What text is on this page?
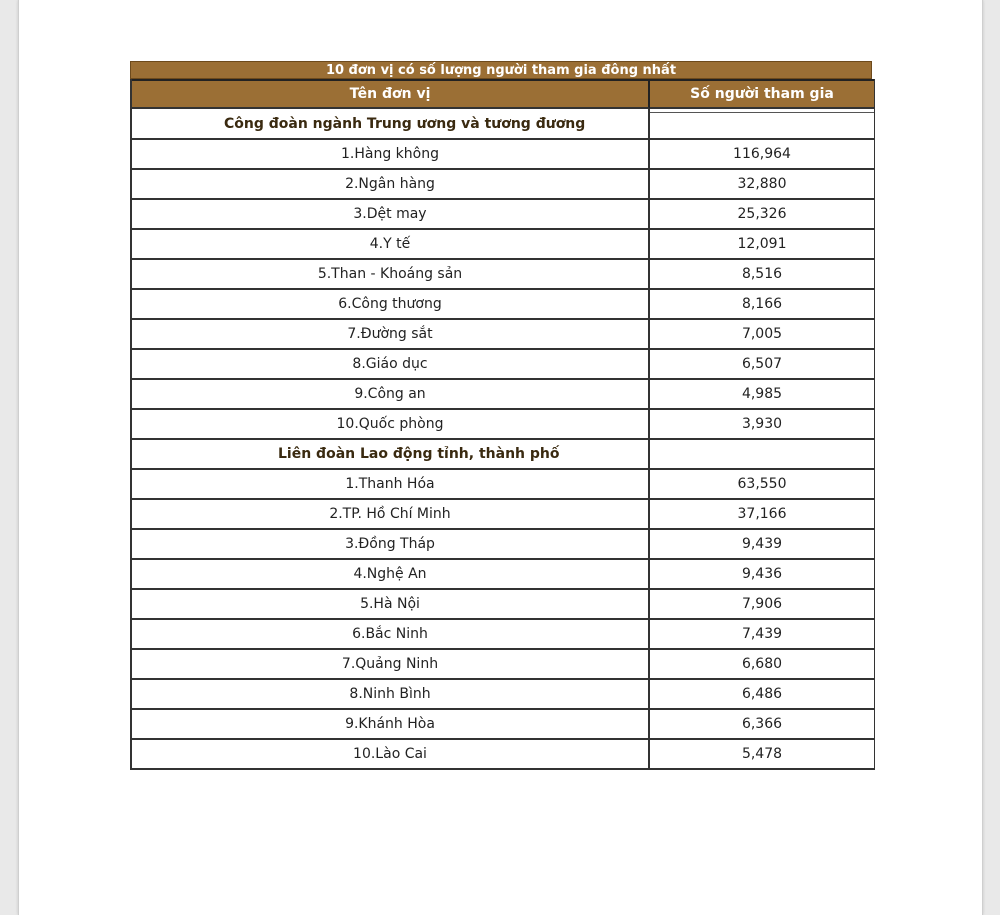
10 đơn vị có số lượng người tham gia đông nhất
Tên đơn vị	Số người tham gia
Công đoàn ngành Trung ương và tương đương	

1.Hàng không	116,964
2.Ngân hàng	32,880
3.Dệt may	25,326
4.Y tế	12,091
5.Than - Khoáng sản	8,516
6.Công thương	8,166
7.Đường sắt	7,005
8.Giáo dục	6,507
9.Công an	4,985
10.Quốc phòng	3,930
Liên đoàn Lao động tỉnh, thành phố	
1.Thanh Hóa	63,550
2.TP. Hồ Chí Minh	37,166
3.Đồng Tháp	9,439
4.Nghệ An	9,436
5.Hà Nội	7,906
6.Bắc Ninh	7,439
7.Quảng Ninh	6,680
8.Ninh Bình	6,486
9.Khánh Hòa	6,366
10.Lào Cai	5,478
